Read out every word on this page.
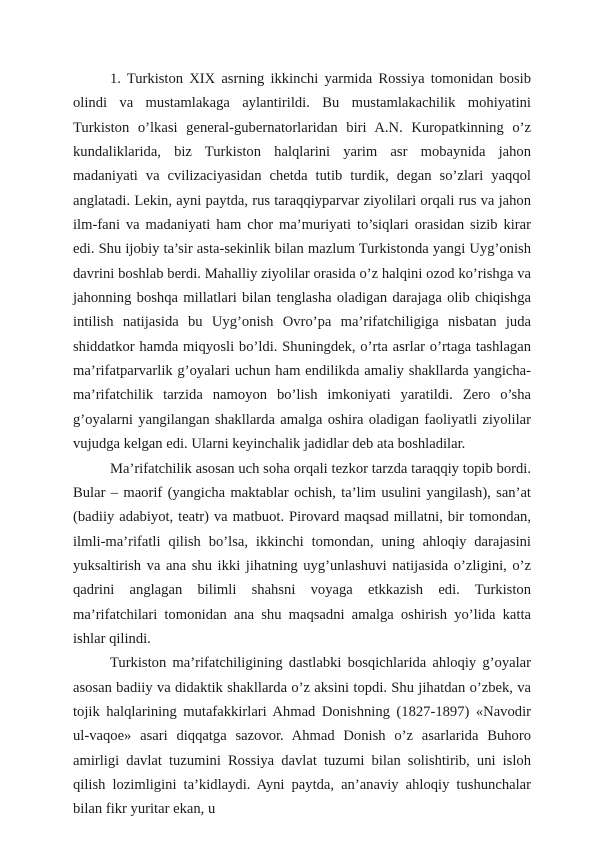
1. Turkiston XIX asrning ikkinchi yarmida Rossiya tomonidan bosib olindi va mustamlakaga aylantirildi. Bu mustamlakachilik mohiyatini Turkiston o’lkasi general-gubernatorlaridan biri A.N. Kuropatkinning o’z kundaliklarida, biz Turkiston halqlarini yarim asr mobaynida jahon madaniyati va cvilizaciyasidan chetda tutib turdik, degan so’zlari yaqqol anglatadi. Lekin, ayni paytda, rus taraqqiyparvar ziyolilari orqali rus va jahon ilm-fani va madaniyati ham chor ma’muriyati to’siqlari orasidan sizib kirar edi. Shu ijobiy ta’sir asta-sekinlik bilan mazlum Turkistonda yangi Uyg’onish davrini boshlab berdi. Mahalliy ziyolilar orasida o’z halqini ozod ko’rishga va jahonning boshqa millatlari bilan tenglasha oladigan darajaga olib chiqishga intilish natijasida bu Uyg’onish Ovro’pa ma’rifatchiligiga nisbatan juda shiddatkor hamda miqyosli bo’ldi. Shuningdek, o’rta asrlar o’rtaga tashlagan ma’rifatparvarlik g’oyalari uchun ham endilikda amaliy shakllarda yangicha-ma’rifatchilik tarzida namoyon bo’lish imkoniyati yaratildi. Zero o’sha g’oyalarni yangilangan shakllarda amalga oshira oladigan faoliyatli ziyolilar vujudga kelgan edi. Ularni keyinchalik jadidlar deb ata boshladilar.

Ma’rifatchilik asosan uch soha orqali tezkor tarzda taraqqiy topib bordi. Bular – maorif (yangicha maktablar ochish, ta’lim usulini yangilash), san’at (badiiy adabiyot, teatr) va matbuot. Pirovard maqsad millatni, bir tomondan, ilmli-ma’rifatli qilish bo’lsa, ikkinchi tomondan, uning ahloqiy darajasini yuksaltirish va ana shu ikki jihatning uyg’unlashuvi natijasida o’zligini, o’z qadrini anglagan bilimli shahsni voyaga etkkazish edi. Turkiston ma’rifatchilari tomonidan ana shu maqsadni amalga oshirish yo’lida katta ishlar qilindi.

Turkiston ma’rifatchiligining dastlabki bosqichlarida ahloqiy g’oyalar asosan badiiy va didaktik shakllarda o’z aksini topdi. Shu jihatdan o’zbek, va tojik halqlarining mutafakkirlari Ahmad Donishning (1827-1897) «Navodir ul-vaqoe» asari diqqatga sazovor. Ahmad Donish o’z asarlarida Buhoro amirligi davlat tuzumini Rossiya davlat tuzumi bilan solishtirib, uni isloh qilish lozimligini ta’kidlaydi. Ayni paytda, an’anaviy ahloqiy tushunchalar bilan fikr yuritar ekan, u
